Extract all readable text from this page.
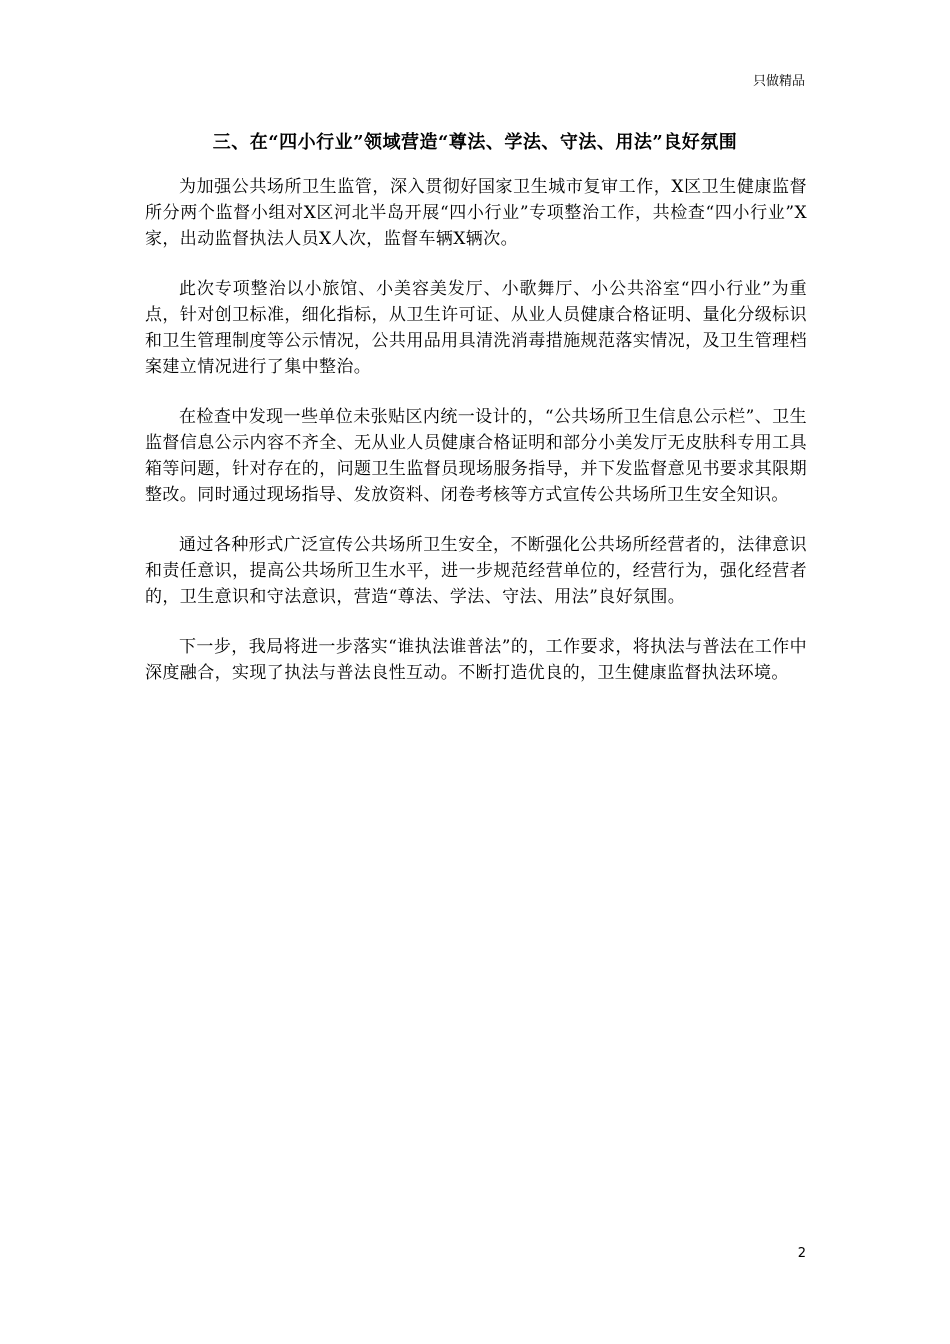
只做精品
三、在“四小行业”领域营造“尊法、学法、守法、用法”良好氛围

为加强公共场所卫生监管，深入贯彻好国家卫生城市复审工作，X区卫生健康监督所分两个监督小组对X区河北半岛开展“四小行业”专项整治工作，共检查“四小行业”X家，出动监督执法人员X人次，监督车辆X辆次。

此次专项整治以小旅馆、小美容美发厅、小歌舞厅、小公共浴室“四小行业”为重点，针对创卫标准，细化指标，从卫生许可证、从业人员健康合格证明、量化分级标识和卫生管理制度等公示情况，公共用品用具清洗消毒措施规范落实情况，及卫生管理档案建立情况进行了集中整治。

在检查中发现一些单位未张贴区内统一设计的，“公共场所卫生信息公示栏”、卫生监督信息公示内容不齐全、无从业人员健康合格证明和部分小美发厅无皮肤科专用工具箱等问题，针对存在的，问题卫生监督员现场服务指导，并下发监督意见书要求其限期整改。同时通过现场指导、发放资料、闭卷考核等方式宣传公共场所卫生安全知识。

通过各种形式广泛宣传公共场所卫生安全，不断强化公共场所经营者的，法律意识和责任意识，提高公共场所卫生水平，进一步规范经营单位的，经营行为，强化经营者的，卫生意识和守法意识，营造“尊法、学法、守法、用法”良好氛围。

下一步，我局将进一步落实“谁执法谁普法”的，工作要求，将执法与普法在工作中深度融合，实现了执法与普法良性互动。不断打造优良的，卫生健康监督执法环境。

2
